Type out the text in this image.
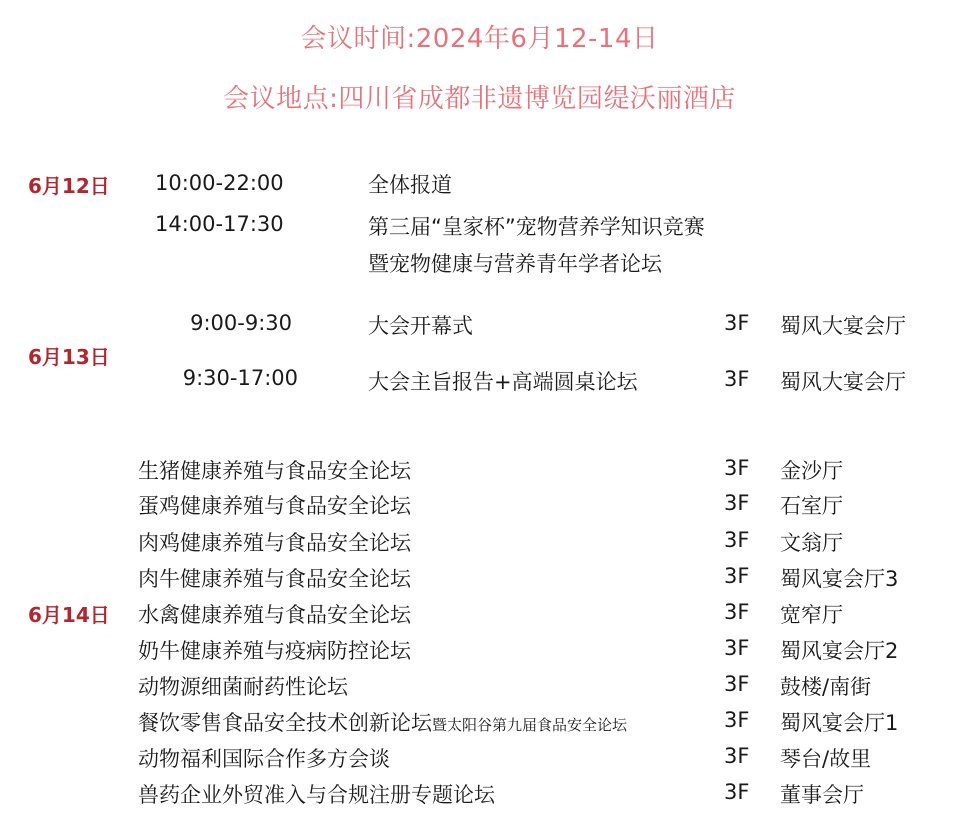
会议时间:2024年6月12-14日
会议地点:四川省成都非遗博览园缇沃丽酒店
6月12日 10:00-22:00	全体报道
14:00-17:30	第三届“皇家杯”宠物营养学知识竞赛
暨宠物健康与营养青年学者论坛
6月13日
9:00-9:30	大会开幕式	3F 蜀风大宴会厅
9:30-17:00	大会主旨报告+高端圆桌论坛	3F 蜀风大宴会厅
6月14日
生猪健康养殖与食品安全论坛	3F 金沙厅
蛋鸡健康养殖与食品安全论坛	3F 石室厅
肉鸡健康养殖与食品安全论坛	3F 文翁厅
肉牛健康养殖与食品安全论坛	3F 蜀风宴会厅3
水禽健康养殖与食品安全论坛	3F 宽窄厅
奶牛健康养殖与疫病防控论坛	3F 蜀风宴会厅2
动物源细菌耐药性论坛	3F 鼓楼/南街
餐饮零售食品安全技术创新论坛暨太阳谷第九届食品安全论坛	3F 蜀风宴会厅1
动物福利国际合作多方会谈	3F 琴台/故里
兽药企业外贸准入与合规注册专题论坛	3F 董事会厅
